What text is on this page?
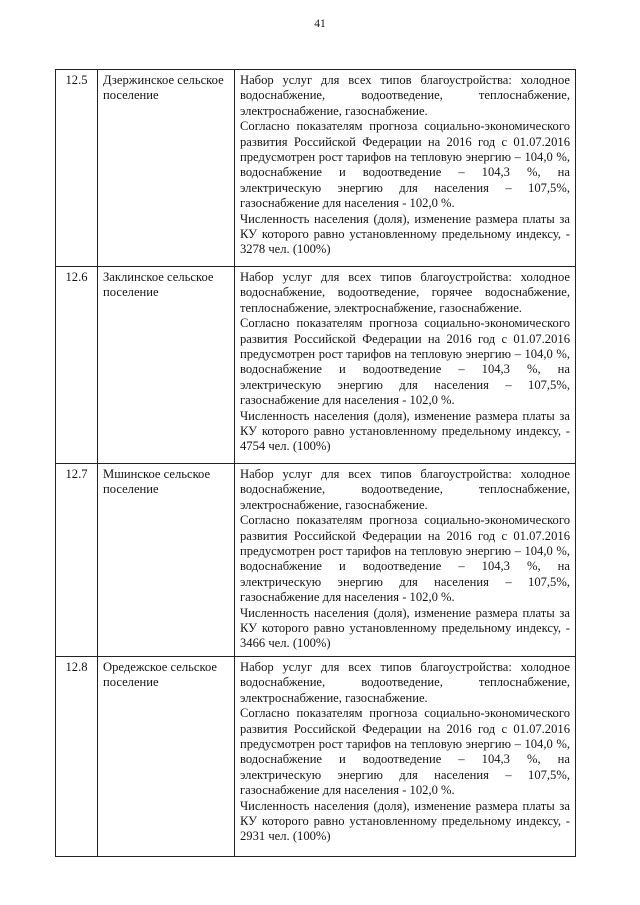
41
12.5	Дзержинское сельское поселение	Набор услуг для всех типов благоустройства: холодное водоснабжение, водоотведение, теплоснабжение, электроснабжение, газоснабжение.

Согласно показателям прогноза социально-экономического развития Российской Федерации на 2016 год с 01.07.2016 предусмотрен рост тарифов на тепловую энергию – 104,0 %, водоснабжение и водоотведение – 104,3 %, на электрическую энергию для населения – 107,5%, газоснабжение для населения - 102,0 %.

Численность населения (доля), изменение размера платы за КУ которого равно установленному предельному индексу, - 3278 чел. (100%)

12.6	Заклинское сельское поселение	Набор услуг для всех типов благоустройства: холодное водоснабжение, водоотведение, горячее водоснабжение, теплоснабжение, электроснабжение, газоснабжение.

Согласно показателям прогноза социально-экономического развития Российской Федерации на 2016 год с 01.07.2016 предусмотрен рост тарифов на тепловую энергию – 104,0 %, водоснабжение и водоотведение – 104,3 %, на электрическую энергию для населения – 107,5%, газоснабжение для населения - 102,0 %.

Численность населения (доля), изменение размера платы за КУ которого равно установленному предельному индексу, - 4754 чел. (100%)

12.7	Мшинское сельское поселение	Набор услуг для всех типов благоустройства: холодное водоснабжение, водоотведение, теплоснабжение, электроснабжение, газоснабжение.

Согласно показателям прогноза социально-экономического развития Российской Федерации на 2016 год с 01.07.2016 предусмотрен рост тарифов на тепловую энергию – 104,0 %, водоснабжение и водоотведение – 104,3 %, на электрическую энергию для населения – 107,5%, газоснабжение для населения - 102,0 %.

Численность населения (доля), изменение размера платы за КУ которого равно установленному предельному индексу, - 3466 чел. (100%)

12.8	Оредежское сельское поселение	Набор услуг для всех типов благоустройства: холодное водоснабжение, водоотведение, теплоснабжение, электроснабжение, газоснабжение.

Согласно показателям прогноза социально-экономического развития Российской Федерации на 2016 год с 01.07.2016 предусмотрен рост тарифов на тепловую энергию – 104,0 %, водоснабжение и водоотведение – 104,3 %, на электрическую энергию для населения – 107,5%, газоснабжение для населения - 102,0 %.

Численность населения (доля), изменение размера платы за КУ которого равно установленному предельному индексу, - 2931 чел. (100%)
